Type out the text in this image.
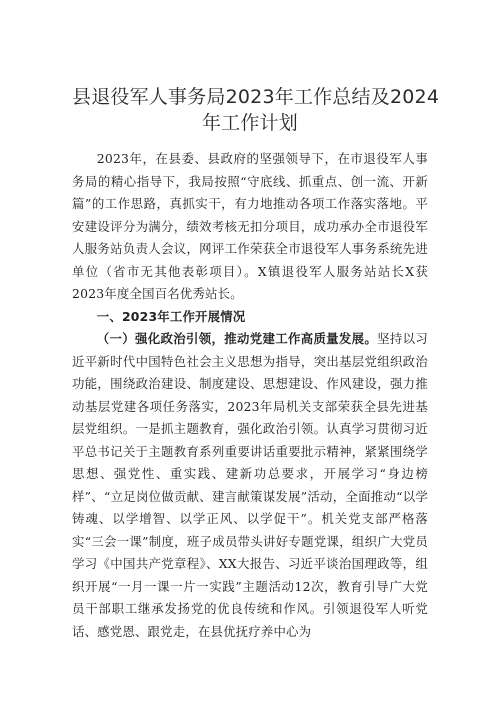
县退役军人事务局2023年工作总结及2024
年工作计划

2023年，在县委、县政府的坚强领导下，在市退役军人事务局的精心指导下，我局按照“守底线、抓重点、创一流、开新篇”的工作思路，真抓实干，有力地推动各项工作落实落地。平安建设评分为满分，绩效考核无扣分项目，成功承办全市退役军人服务站负责人会议，网评工作荣获全市退役军人事务系统先进单位（省市无其他表彰项目）。X镇退役军人服务站站长X获2023年度全国百名优秀站长。

一、2023年工作开展情况

（一）强化政治引领，推动党建工作高质量发展。坚持以习近平新时代中国特色社会主义思想为指导，突出基层党组织政治功能，围绕政治建设、制度建设、思想建设、作风建设，强力推动基层党建各项任务落实，2023年局机关支部荣获全县先进基层党组织。一是抓主题教育，强化政治引领。认真学习贯彻习近平总书记关于主题教育系列重要讲话重要批示精神，紧紧围绕学思想、强党性、重实践、建新功总要求，开展学习“身边榜样”、“立足岗位做贡献、建言献策谋发展”活动，全面推动“以学铸魂、以学增智、以学正风、以学促干”。机关党支部严格落实“三会一课”制度，班子成员带头讲好专题党课，组织广大党员学习《中国共产党章程》、XX大报告、习近平谈治国理政等，组织开展“一月一课一片一实践”主题活动12次，教育引导广大党员干部职工继承发扬党的优良传统和作风。引领退役军人听党话、感党恩、跟党走，在县优抚疗养中心为
